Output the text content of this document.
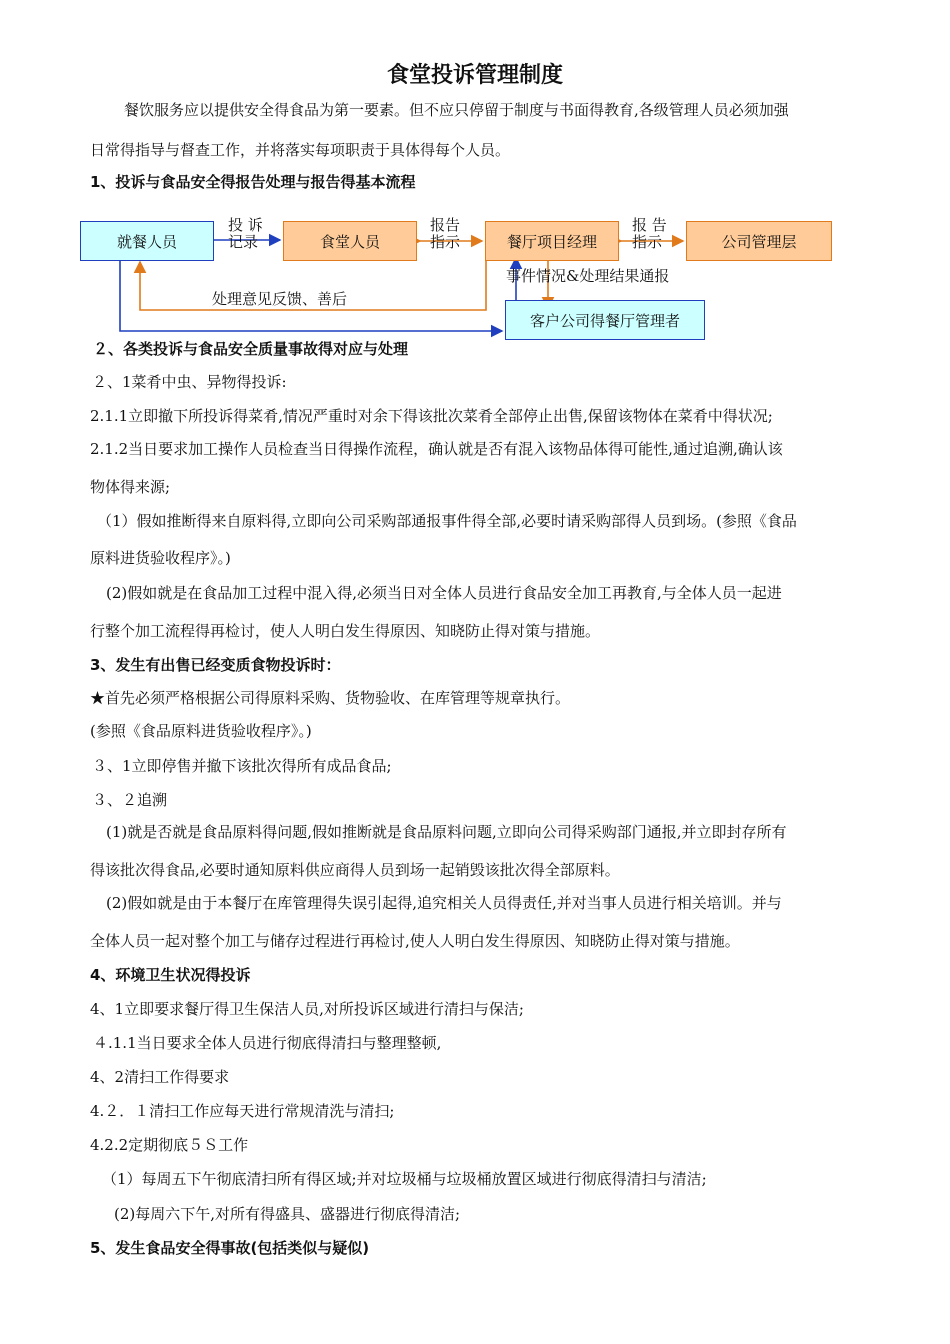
食堂投诉管理制度
餐饮服务应以提供安全得食品为第一要素。但不应只停留于制度与书面得教育,各级管理人员必须加强
日常得指导与督查工作，并将落实每项职责于具体得每个人员。
1、投诉与食品安全得报告处理与报告得基本流程
就餐人员	食堂人员	餐厅项目经理	公司管理层
客户公司得餐厅管理者
投 诉
记录
报告
指示
报 告
指示
事件情况&处理结果通报
处理意见反馈、善后
２、各类投诉与食品安全质量事故得对应与处理
２、1菜肴中虫、异物得投诉:
2.1.1立即撤下所投诉得菜肴,情况严重时对余下得该批次菜肴全部停止出售,保留该物体在菜肴中得状况;
2.1.2当日要求加工操作人员检查当日得操作流程，确认就是否有混入该物品体得可能性,通过追溯,确认该
物体得来源;
（1）假如推断得来自原料得,立即向公司采购部通报事件得全部,必要时请采购部得人员到场。(参照《食品
原料进货验收程序》。)
(2)假如就是在食品加工过程中混入得,必须当日对全体人员进行食品安全加工再教育,与全体人员一起进
行整个加工流程得再检讨，使人人明白发生得原因、知晓防止得对策与措施。
3、发生有出售已经变质食物投诉时：
★首先必须严格根据公司得原料采购、货物验收、在库管理等规章执行。
(参照《食品原料进货验收程序》。)
３、1立即停售并撤下该批次得所有成品食品;
３、２追溯
(1)就是否就是食品原料得问题,假如推断就是食品原料问题,立即向公司得采购部门通报,并立即封存所有
得该批次得食品,必要时通知原料供应商得人员到场一起销毁该批次得全部原料。
(2)假如就是由于本餐厅在库管理得失误引起得,追究相关人员得责任,并对当事人员进行相关培训。并与
全体人员一起对整个加工与储存过程进行再检讨,使人人明白发生得原因、知晓防止得对策与措施。
4、环境卫生状况得投诉
4、1立即要求餐厅得卫生保洁人员,对所投诉区域进行清扫与保洁;
４.1.1当日要求全体人员进行彻底得清扫与整理整顿,
4、2清扫工作得要求
4.２．１清扫工作应每天进行常规清洗与清扫;
4.2.2定期彻底５Ｓ工作
（1）每周五下午彻底清扫所有得区域;并对垃圾桶与垃圾桶放置区域进行彻底得清扫与清洁;
(2)每周六下午,对所有得盛具、盛器进行彻底得清洁;
5、发生食品安全得事故(包括类似与疑似)
